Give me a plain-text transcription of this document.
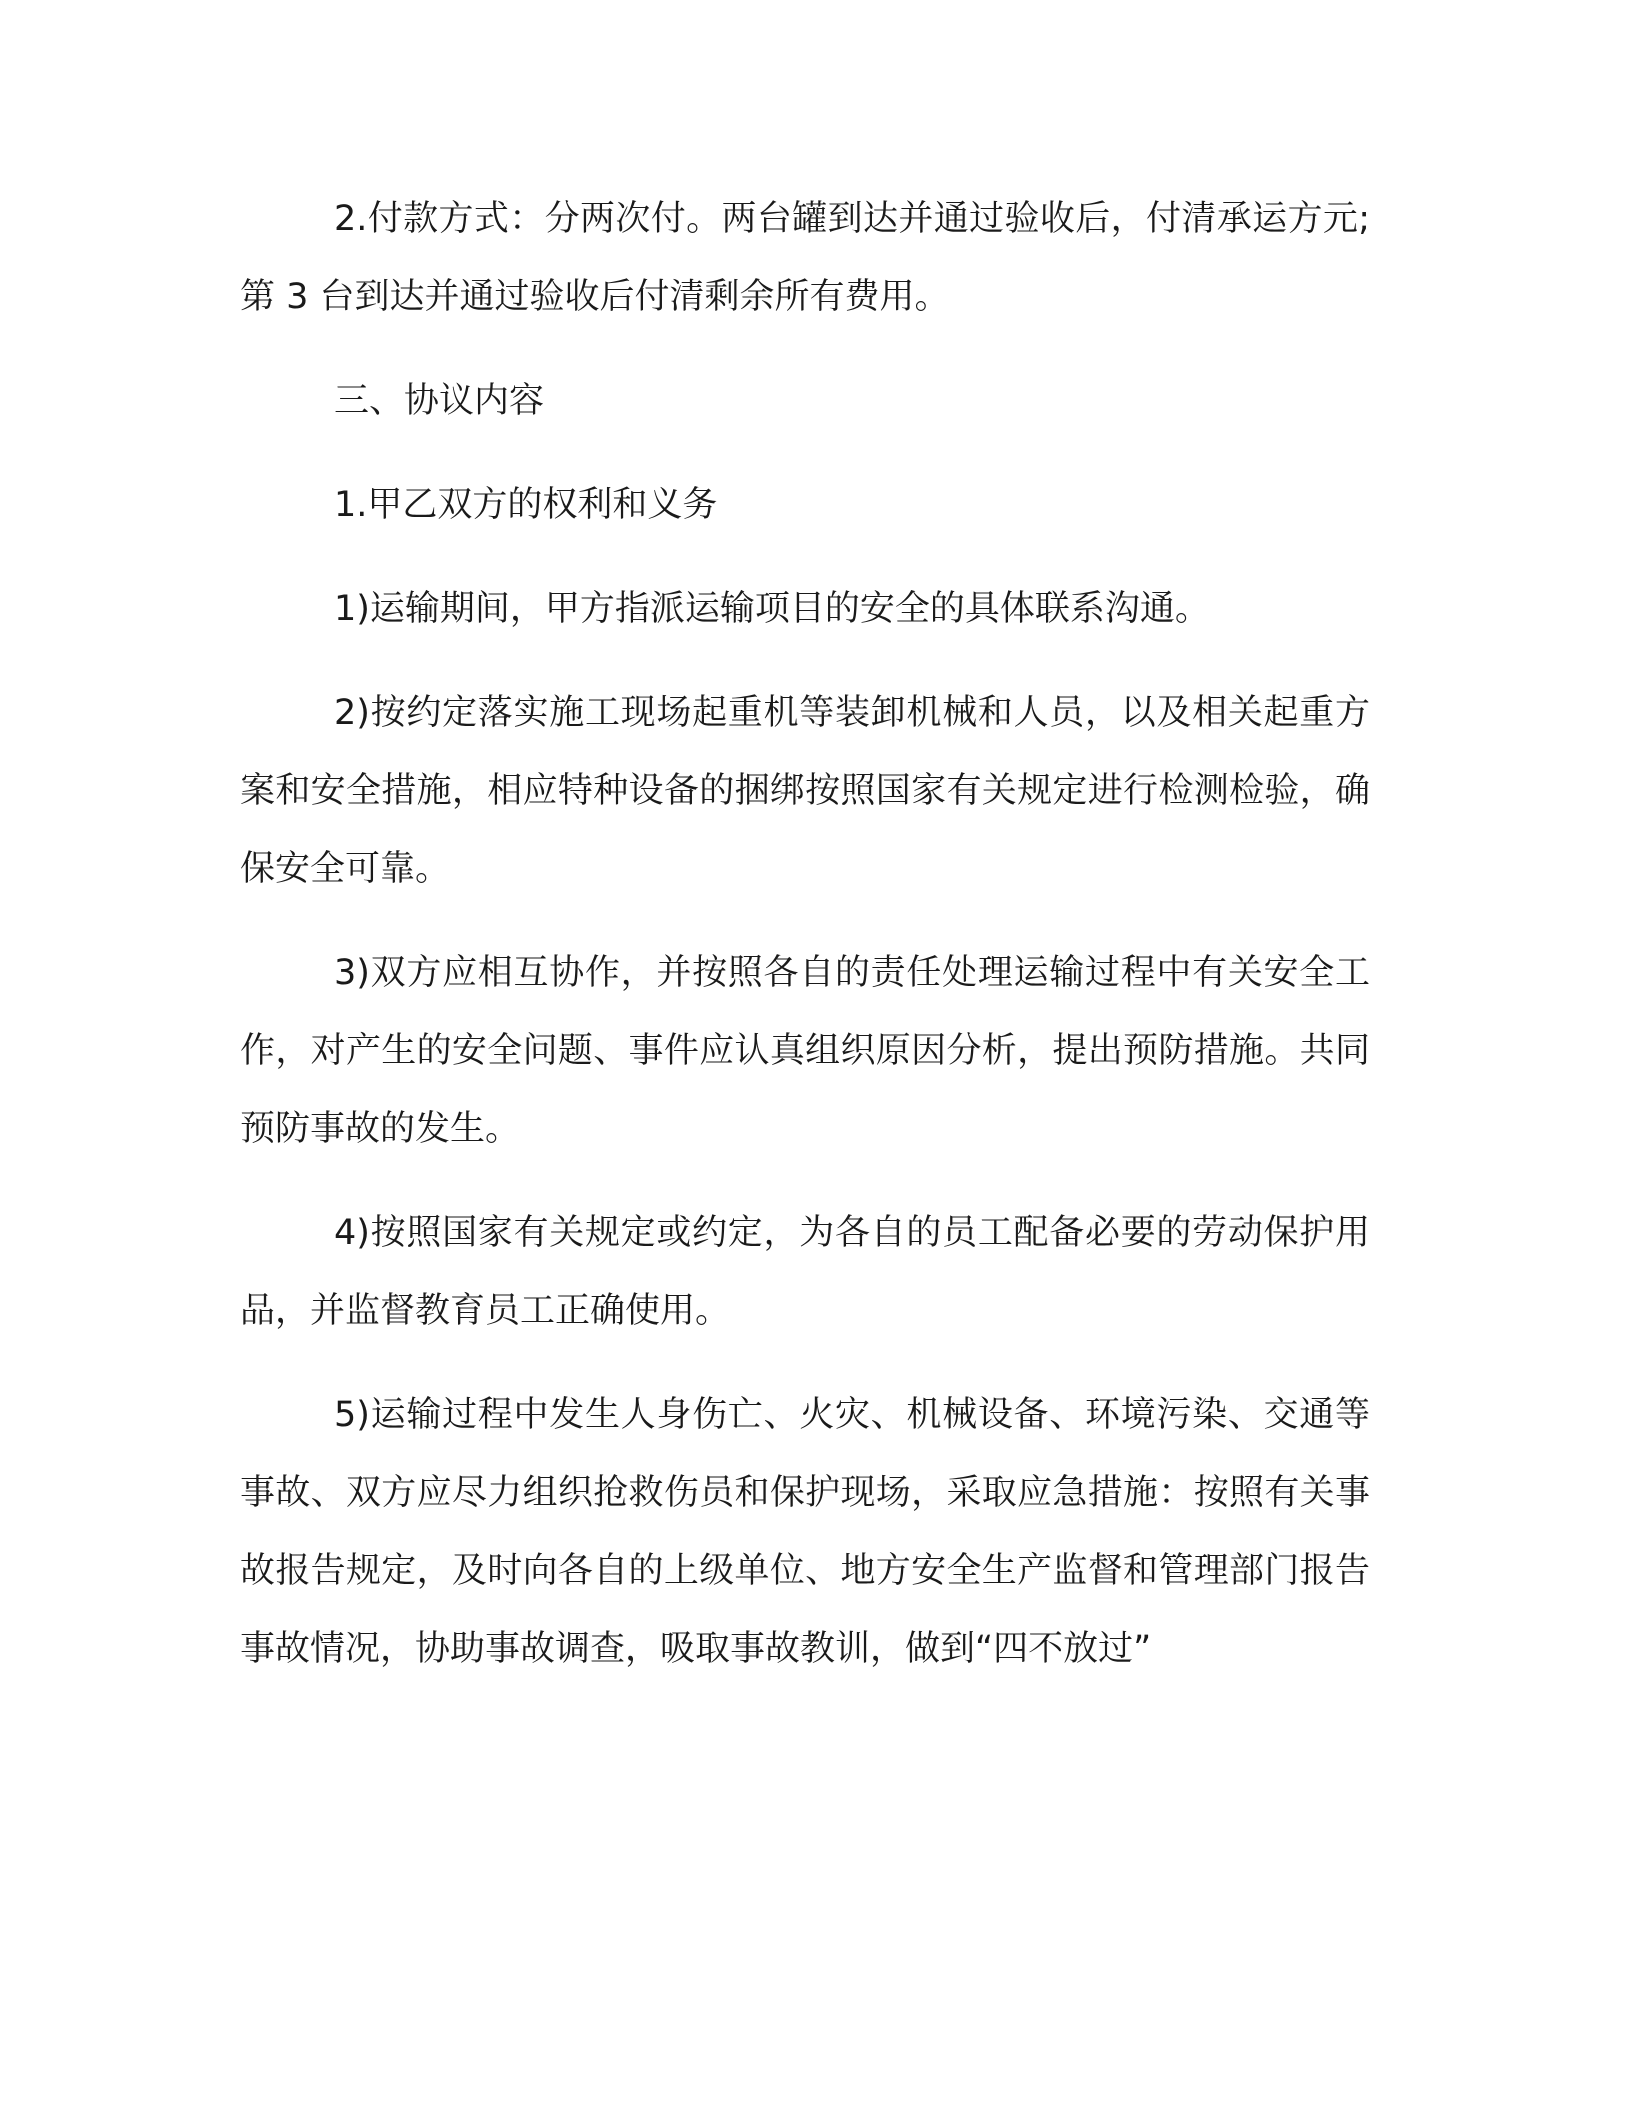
2.付款方式：分两次付。两台罐到达并通过验收后，付清承运方元;第 3 台到达并通过验收后付清剩余所有费用。

三、协议内容

1.甲乙双方的权利和义务

1)运输期间，甲方指派运输项目的安全的具体联系沟通。

2)按约定落实施工现场起重机等装卸机械和人员，以及相关起重方案和安全措施，相应特种设备的捆绑按照国家有关规定进行检测检验，确保安全可靠。

3)双方应相互协作，并按照各自的责任处理运输过程中有关安全工作，对产生的安全问题、事件应认真组织原因分析，提出预防措施。共同预防事故的发生。

4)按照国家有关规定或约定，为各自的员工配备必要的劳动保护用品，并监督教育员工正确使用。

5)运输过程中发生人身伤亡、火灾、机械设备、环境污染、交通等事故、双方应尽力组织抢救伤员和保护现场，采取应急措施：按照有关事故报告规定，及时向各自的上级单位、地方安全生产监督和管理部门报告事故情况，协助事故调查，吸取事故教训，做到“四不放过”
